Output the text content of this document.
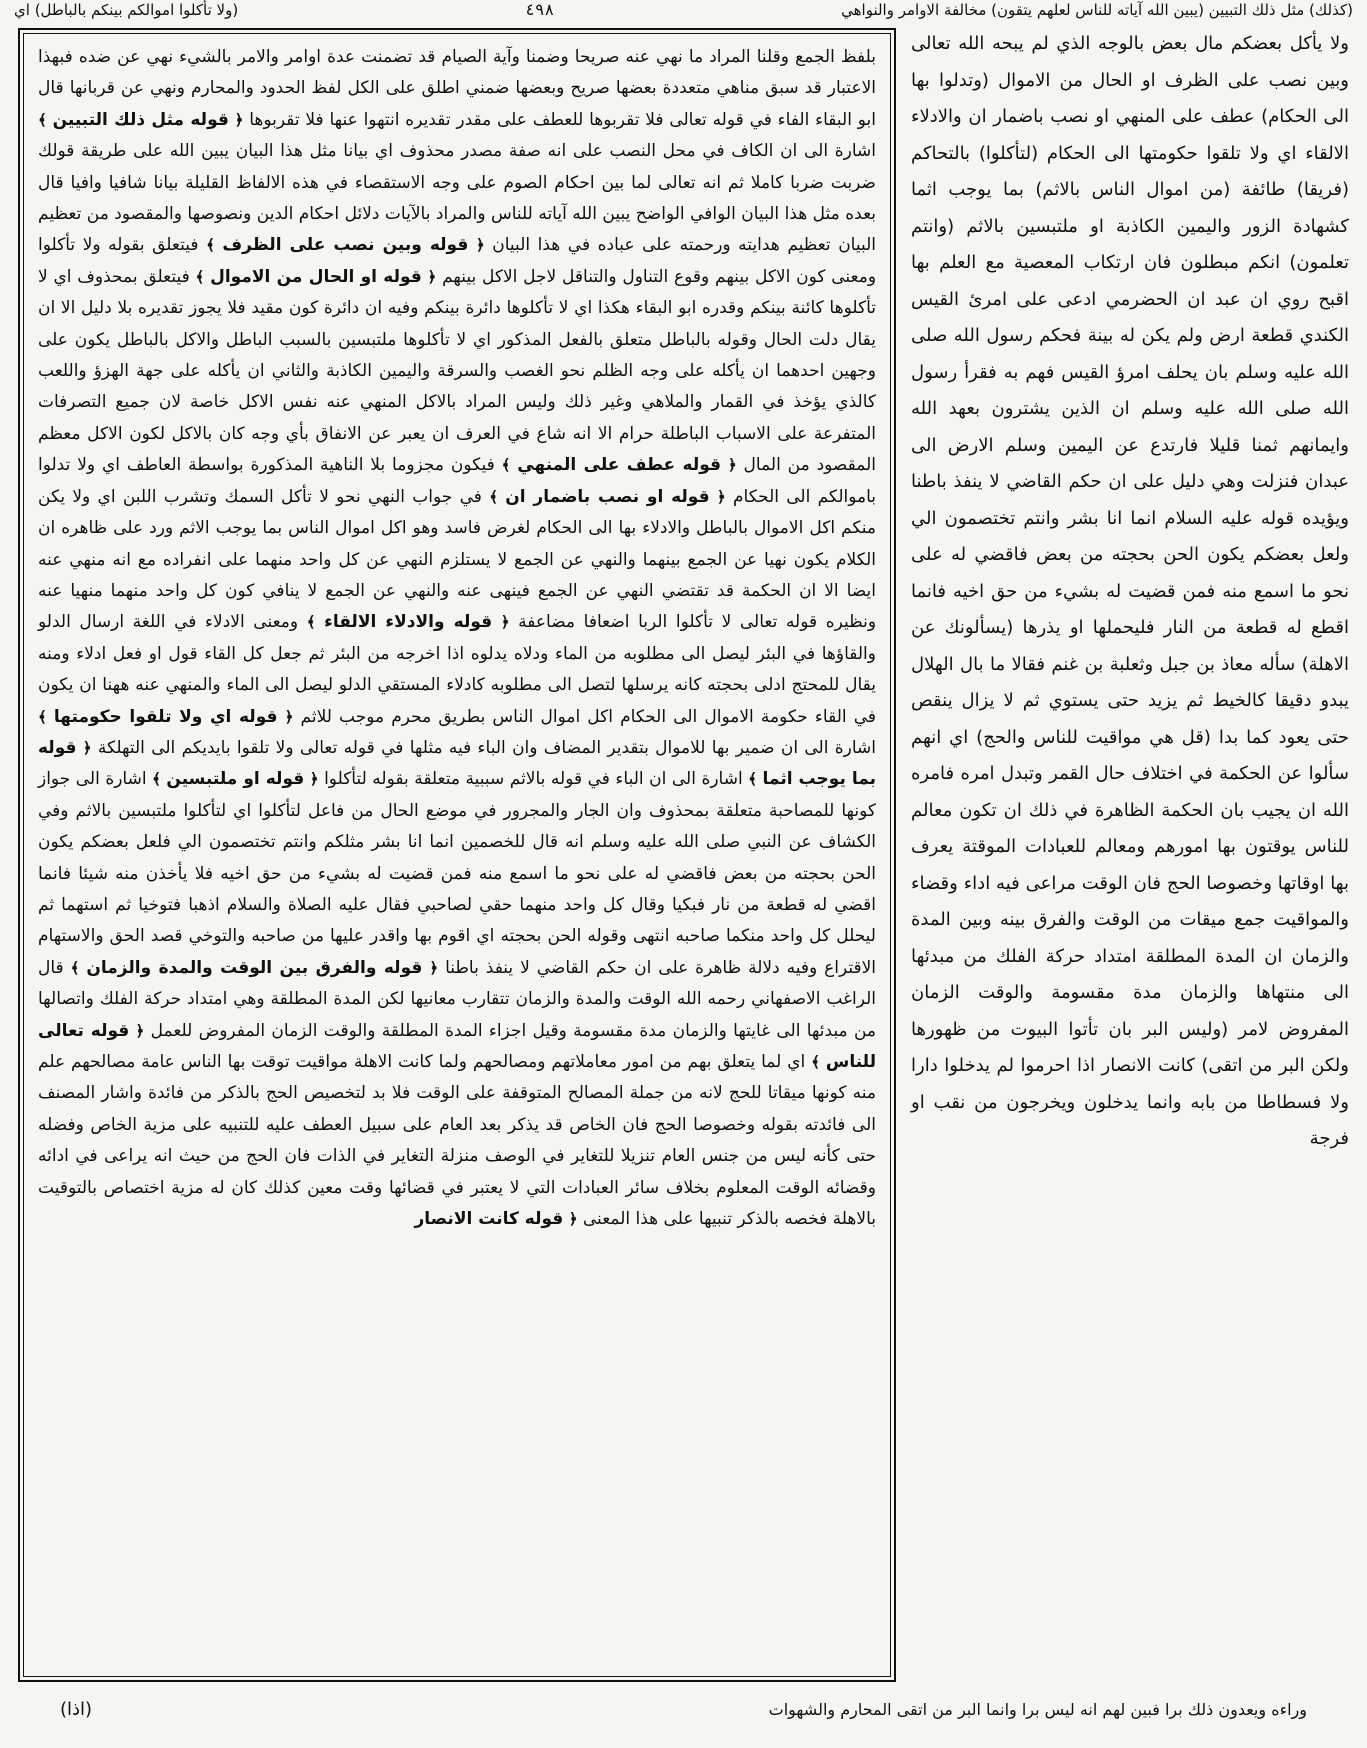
(كذلك) مثل ذلك التبيين (يبين الله آياته للناس لعلهم يتقون) مخالفة الاوامر والنواهي
٤٩٨
(ولا تأكلوا اموالكم بينكم بالباطل) اي

ولا يأكل بعضكم مال بعض بالوجه الذي لم يبحه الله تعالى وبين نصب على الظرف او الحال من الاموال (وتدلوا بها الى الحكام) عطف على المنهي او نصب باضمار ان والادلاء الالقاء اي ولا تلقوا حكومتها الى الحكام (لتأكلوا) بالتحاكم (فريقا) طائفة (من اموال الناس بالاثم) بما يوجب اثما كشهادة الزور واليمين الكاذبة او ملتبسين بالاثم (وانتم تعلمون) انكم مبطلون فان ارتكاب المعصية مع العلم بها اقبح روي ان عبد ان الحضرمي ادعى على امرئ القيس الكندي قطعة ارض ولم يكن له بينة فحكم رسول الله صلى الله عليه وسلم بان يحلف امرؤ القيس فهم به فقرأ رسول الله صلى الله عليه وسلم ان الذين يشترون بعهد الله وايمانهم ثمنا قليلا فارتدع عن اليمين وسلم الارض الى عبدان فنزلت وهي دليل على ان حكم القاضي لا ينفذ باطنا ويؤيده قوله عليه السلام انما انا بشر وانتم تختصمون الي ولعل بعضكم يكون الحن بحجته من بعض فاقضي له على نحو ما اسمع منه فمن قضيت له بشيء من حق اخيه فانما اقطع له قطعة من النار فليحملها او يذرها (يسألونك عن الاهلة) سأله معاذ بن جبل وثعلبة بن غنم فقالا ما بال الهلال يبدو دقيقا كالخيط ثم يزيد حتى يستوي ثم لا يزال ينقص حتى يعود كما بدا (قل هي مواقيت للناس والحج) اي انهم سألوا عن الحكمة في اختلاف حال القمر وتبدل امره فامره الله ان يجيب بان الحكمة الظاهرة في ذلك ان تكون معالم للناس يوقتون بها امورهم ومعالم للعبادات الموقتة يعرف بها اوقاتها وخصوصا الحج فان الوقت مراعى فيه اداء وقضاء والمواقيت جمع ميقات من الوقت والفرق بينه وبين المدة والزمان ان المدة المطلقة امتداد حركة الفلك من مبدئها الى منتهاها والزمان مدة مقسومة والوقت الزمان المفروض لامر (وليس البر بان تأتوا البيوت من ظهورها ولكن البر من اتقى) كانت الانصار اذا احرموا لم يدخلوا دارا ولا فسطاطا من بابه وانما يدخلون ويخرجون من نقب او فرجة

بلفظ الجمع وقلنا المراد ما نهي عنه صريحا وضمنا وآية الصيام قد تضمنت عدة اوامر والامر بالشيء نهي عن ضده فبهذا الاعتبار قد سبق مناهي متعددة بعضها صريح وبعضها ضمني اطلق على الكل لفظ الحدود والمحارم ونهي عن قربانها قال ابو البقاء الفاء في قوله تعالى فلا تقربوها للعطف على مقدر تقديره انتهوا عنها فلا تقربوها ﴿ قوله مثل ذلك التبيين ﴾ اشارة الى ان الكاف في محل النصب على انه صفة مصدر محذوف اي بيانا مثل هذا البيان يبين الله على طريقة قولك ضربت ضربا كاملا ثم انه تعالى لما بين احكام الصوم على وجه الاستقصاء في هذه الالفاظ القليلة بيانا شافيا وافيا قال بعده مثل هذا البيان الوافي الواضح يبين الله آياته للناس والمراد بالآيات دلائل احكام الدين ونصوصها والمقصود من تعظيم البيان تعظيم هدايته ورحمته على عباده في هذا البيان ﴿ قوله وبين نصب على الظرف ﴾ فيتعلق بقوله ولا تأكلوا ومعنى كون الاكل بينهم وقوع التناول والتناقل لاجل الاكل بينهم ﴿ قوله او الحال من الاموال ﴾ فيتعلق بمحذوف اي لا تأكلوها كائنة بينكم وقدره ابو البقاء هكذا اي لا تأكلوها دائرة بينكم وفيه ان دائرة كون مقيد فلا يجوز تقديره بلا دليل الا ان يقال دلت الحال وقوله بالباطل متعلق بالفعل المذكور اي لا تأكلوها ملتبسين بالسبب الباطل والاكل بالباطل يكون على وجهين احدهما ان يأكله على وجه الظلم نحو الغصب والسرقة واليمين الكاذبة والثاني ان يأكله على جهة الهزؤ واللعب كالذي يؤخذ في القمار والملاهي وغير ذلك وليس المراد بالاكل المنهي عنه نفس الاكل خاصة لان جميع التصرفات المتفرعة على الاسباب الباطلة حرام الا انه شاع في العرف ان يعبر عن الانفاق بأي وجه كان بالاكل لكون الاكل معظم المقصود من المال ﴿ قوله عطف على المنهي ﴾ فيكون مجزوما بلا الناهية المذكورة بواسطة العاطف اي ولا تدلوا باموالكم الى الحكام ﴿ قوله او نصب باضمار ان ﴾ في جواب النهي نحو لا تأكل السمك وتشرب اللبن اي ولا يكن منكم اكل الاموال بالباطل والادلاء بها الى الحكام لغرض فاسد وهو اكل اموال الناس بما يوجب الاثم ورد على ظاهره ان الكلام يكون نهيا عن الجمع بينهما والنهي عن الجمع لا يستلزم النهي عن كل واحد منهما على انفراده مع انه منهي عنه ايضا الا ان الحكمة قد تقتضي النهي عن الجمع فينهى عنه والنهي عن الجمع لا ينافي كون كل واحد منهما منهيا عنه ونظيره قوله تعالى لا تأكلوا الربا اضعافا مضاعفة ﴿ قوله والادلاء الالقاء ﴾ ومعنى الادلاء في اللغة ارسال الدلو والقاؤها في البئر ليصل الى مطلوبه من الماء ودلاه يدلوه اذا اخرجه من البئر ثم جعل كل القاء قول او فعل ادلاء ومنه يقال للمحتج ادلى بحجته كانه يرسلها لتصل الى مطلوبه كادلاء المستقي الدلو ليصل الى الماء والمنهي عنه ههنا ان يكون في القاء حكومة الاموال الى الحكام اكل اموال الناس بطريق محرم موجب للاثم ﴿ قوله اي ولا تلقوا حكومتها ﴾ اشارة الى ان ضمير بها للاموال بتقدير المضاف وان الباء فيه مثلها في قوله تعالى ولا تلقوا بايديكم الى التهلكة ﴿ قوله بما يوجب اثما ﴾ اشارة الى ان الباء في قوله بالاثم سببية متعلقة بقوله لتأكلوا ﴿ قوله او ملتبسين ﴾ اشارة الى جواز كونها للمصاحبة متعلقة بمحذوف وان الجار والمجرور في موضع الحال من فاعل لتأكلوا اي لتأكلوا ملتبسين بالاثم وفي الكشاف عن النبي صلى الله عليه وسلم انه قال للخصمين انما انا بشر مثلكم وانتم تختصمون الي فلعل بعضكم يكون الحن بحجته من بعض فاقضي له على نحو ما اسمع منه فمن قضيت له بشيء من حق اخيه فلا يأخذن منه شيئا فانما اقضي له قطعة من نار فبكيا وقال كل واحد منهما حقي لصاحبي فقال عليه الصلاة والسلام اذهبا فتوخيا ثم استهما ثم ليحلل كل واحد منكما صاحبه انتهى وقوله الحن بحجته اي اقوم بها واقدر عليها من صاحبه والتوخي قصد الحق والاستهام الاقتراع وفيه دلالة ظاهرة على ان حكم القاضي لا ينفذ باطنا ﴿ قوله والفرق بين الوقت والمدة والزمان ﴾ قال الراغب الاصفهاني رحمه الله الوقت والمدة والزمان تتقارب معانيها لكن المدة المطلقة وهي امتداد حركة الفلك واتصالها من مبدئها الى غايتها والزمان مدة مقسومة وقيل اجزاء المدة المطلقة والوقت الزمان المفروض للعمل ﴿ قوله تعالى للناس ﴾ اي لما يتعلق بهم من امور معاملاتهم ومصالحهم ولما كانت الاهلة مواقيت توقت بها الناس عامة مصالحهم علم منه كونها ميقاتا للحج لانه من جملة المصالح المتوقفة على الوقت فلا بد لتخصيص الحج بالذكر من فائدة واشار المصنف الى فائدته بقوله وخصوصا الحج فان الخاص قد يذكر بعد العام على سبيل العطف عليه للتنبيه على مزية الخاص وفضله حتى كأنه ليس من جنس العام تنزيلا للتغاير في الوصف منزلة التغاير في الذات فان الحج من حيث انه يراعى في ادائه وقضائه الوقت المعلوم بخلاف سائر العبادات التي لا يعتبر في قضائها وقت معين كذلك كان له مزية اختصاص بالتوقيت بالاهلة فخصه بالذكر تنبيها على هذا المعنى ﴿ قوله كانت الانصار

وراءه ويعدون ذلك برا فبين لهم انه ليس برا وانما البر من اتقى المحارم والشهوات
(اذا)
